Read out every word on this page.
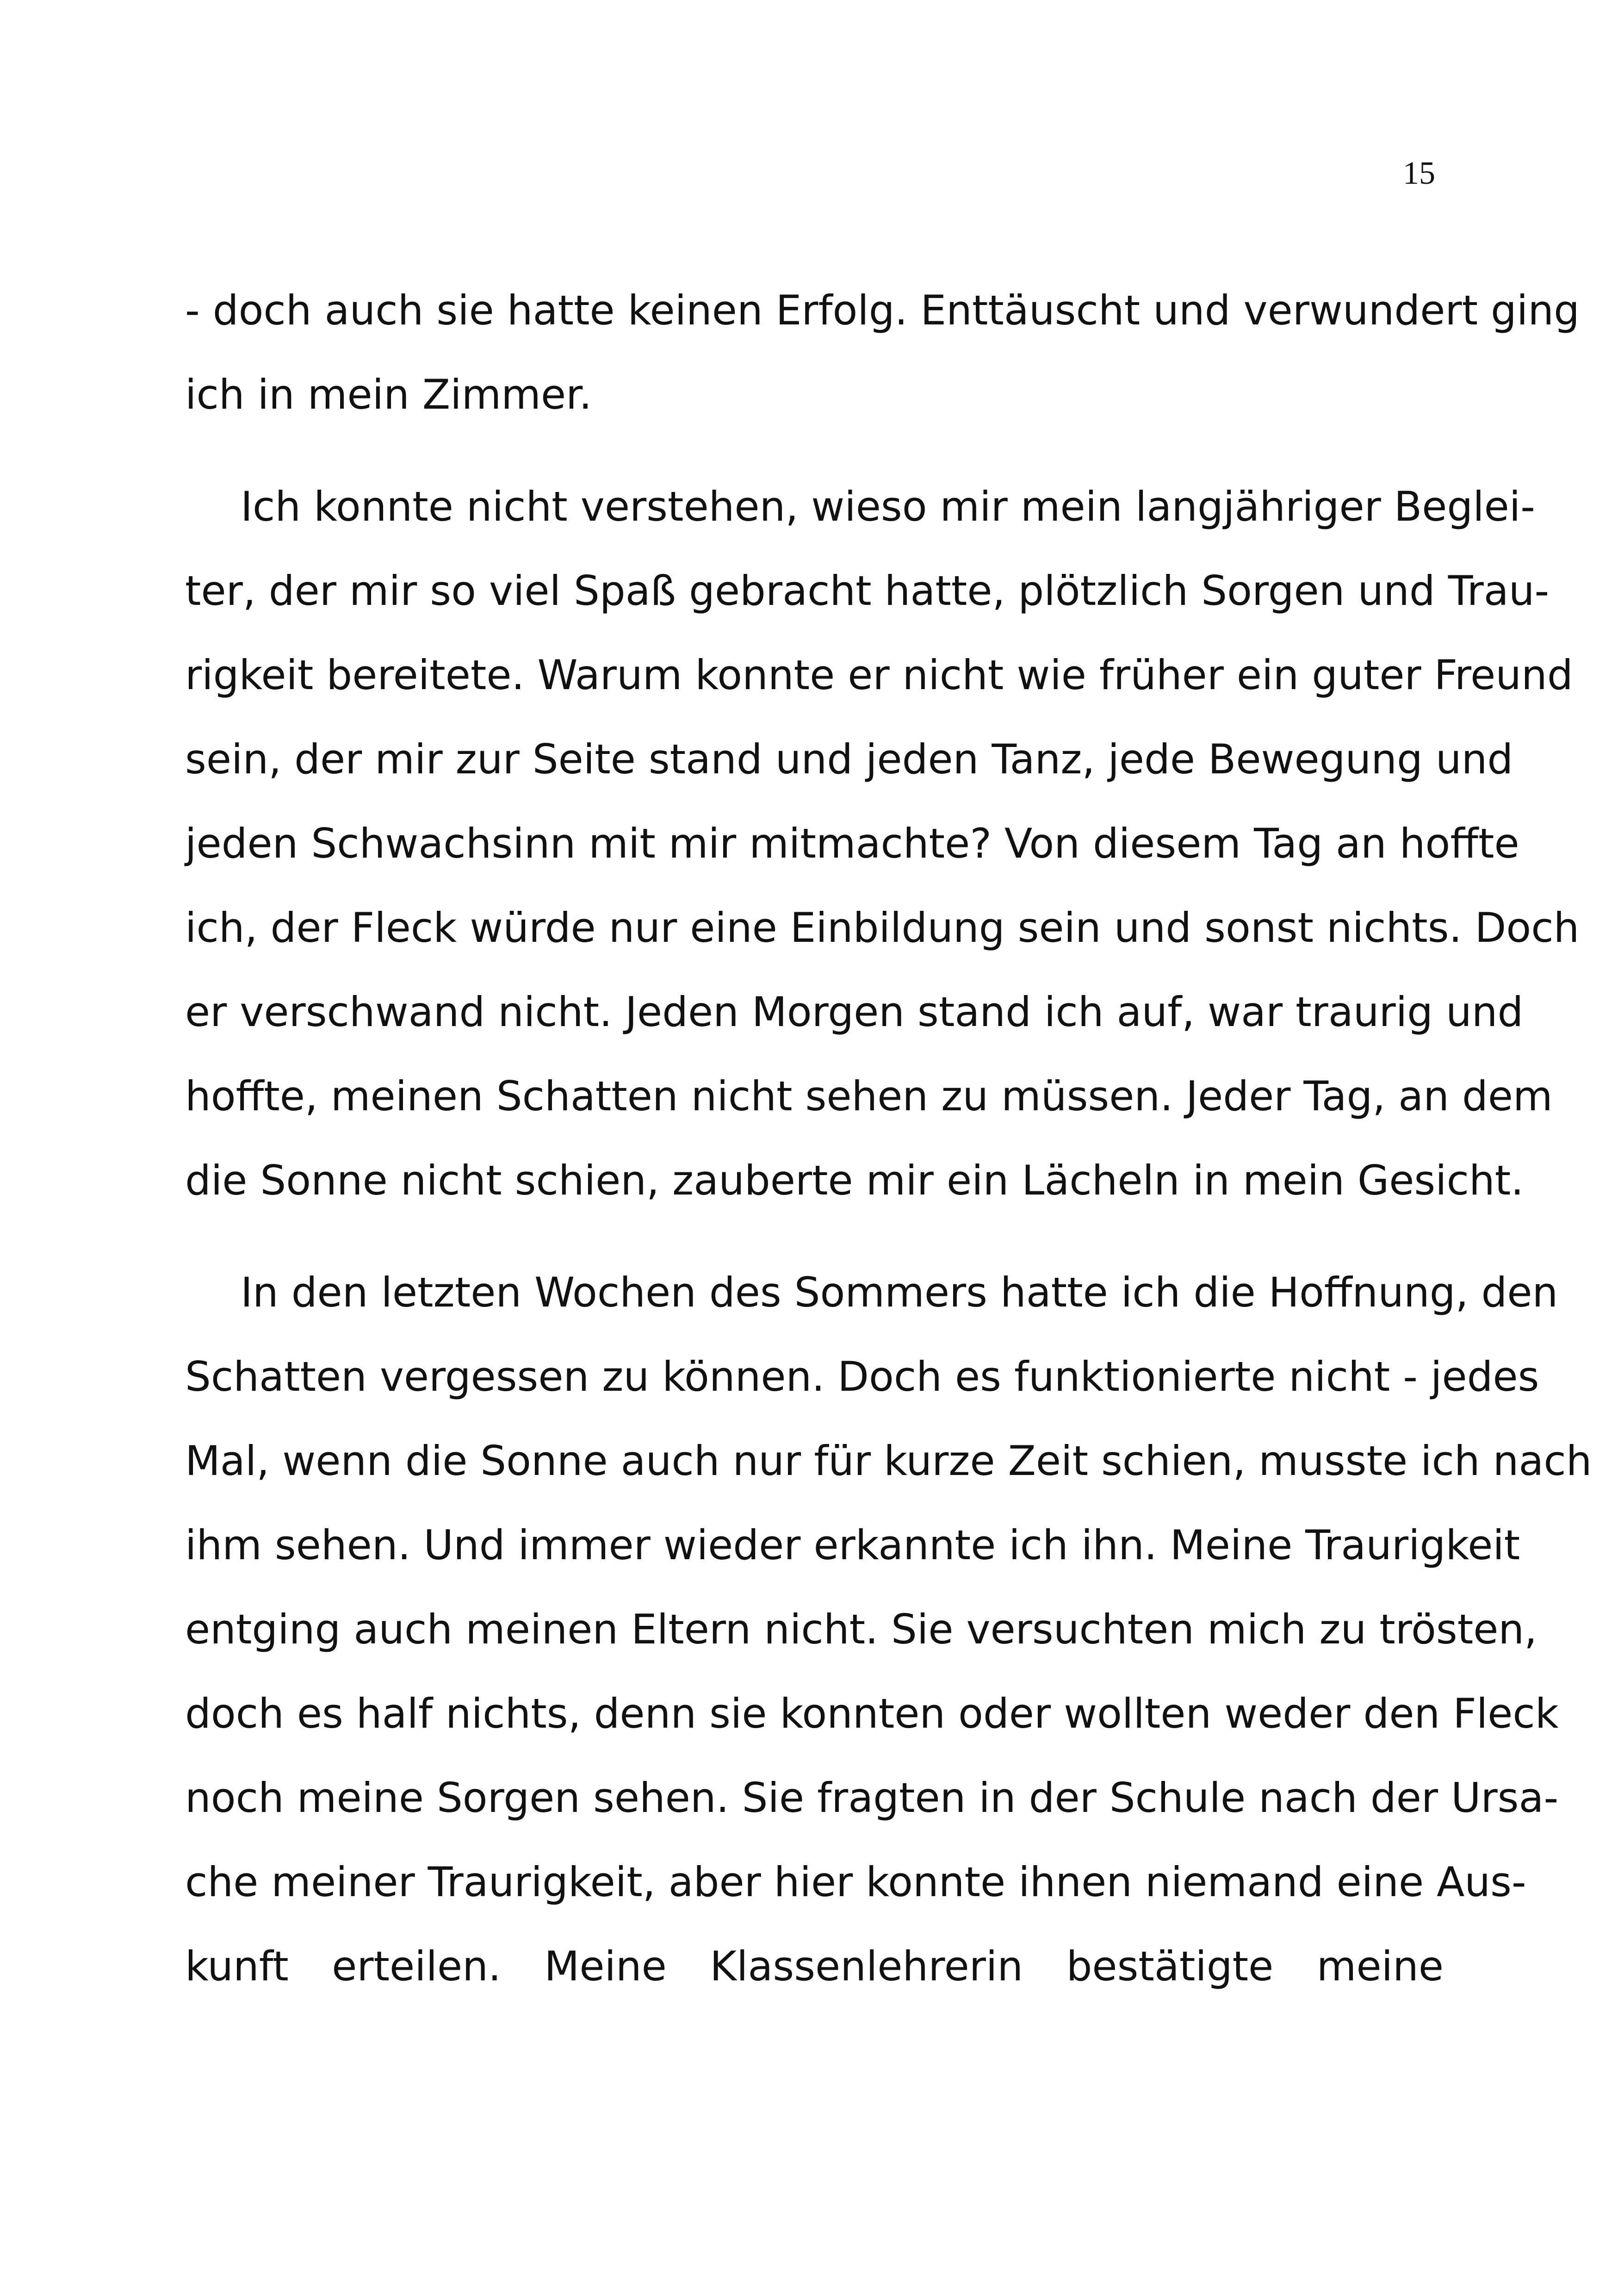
15
- doch auch sie hatte keinen Erfolg. Enttäuscht und verwundert ging
ich in mein Zimmer.
Ich konnte nicht verstehen, wieso mir mein langjähriger Beglei-
ter, der mir so viel Spaß gebracht hatte, plötzlich Sorgen und Trau-
rigkeit bereitete. Warum konnte er nicht wie früher ein guter Freund
sein, der mir zur Seite stand und jeden Tanz, jede Bewegung und
jeden Schwachsinn mit mir mitmachte? Von diesem Tag an hoffte
ich, der Fleck würde nur eine Einbildung sein und sonst nichts. Doch
er verschwand nicht. Jeden Morgen stand ich auf, war traurig und
hoffte, meinen Schatten nicht sehen zu müssen. Jeder Tag, an dem
die Sonne nicht schien, zauberte mir ein Lächeln in mein Gesicht.
In den letzten Wochen des Sommers hatte ich die Hoffnung, den
Schatten vergessen zu können. Doch es funktionierte nicht - jedes
Mal, wenn die Sonne auch nur für kurze Zeit schien, musste ich nach
ihm sehen. Und immer wieder erkannte ich ihn. Meine Traurigkeit
entging auch meinen Eltern nicht. Sie versuchten mich zu trösten,
doch es half nichts, denn sie konnten oder wollten weder den Fleck
noch meine Sorgen sehen. Sie fragten in der Schule nach der Ursa-
che meiner Traurigkeit, aber hier konnte ihnen niemand eine Aus-
kunft erteilen. Meine Klassenlehrerin bestätigte meine
